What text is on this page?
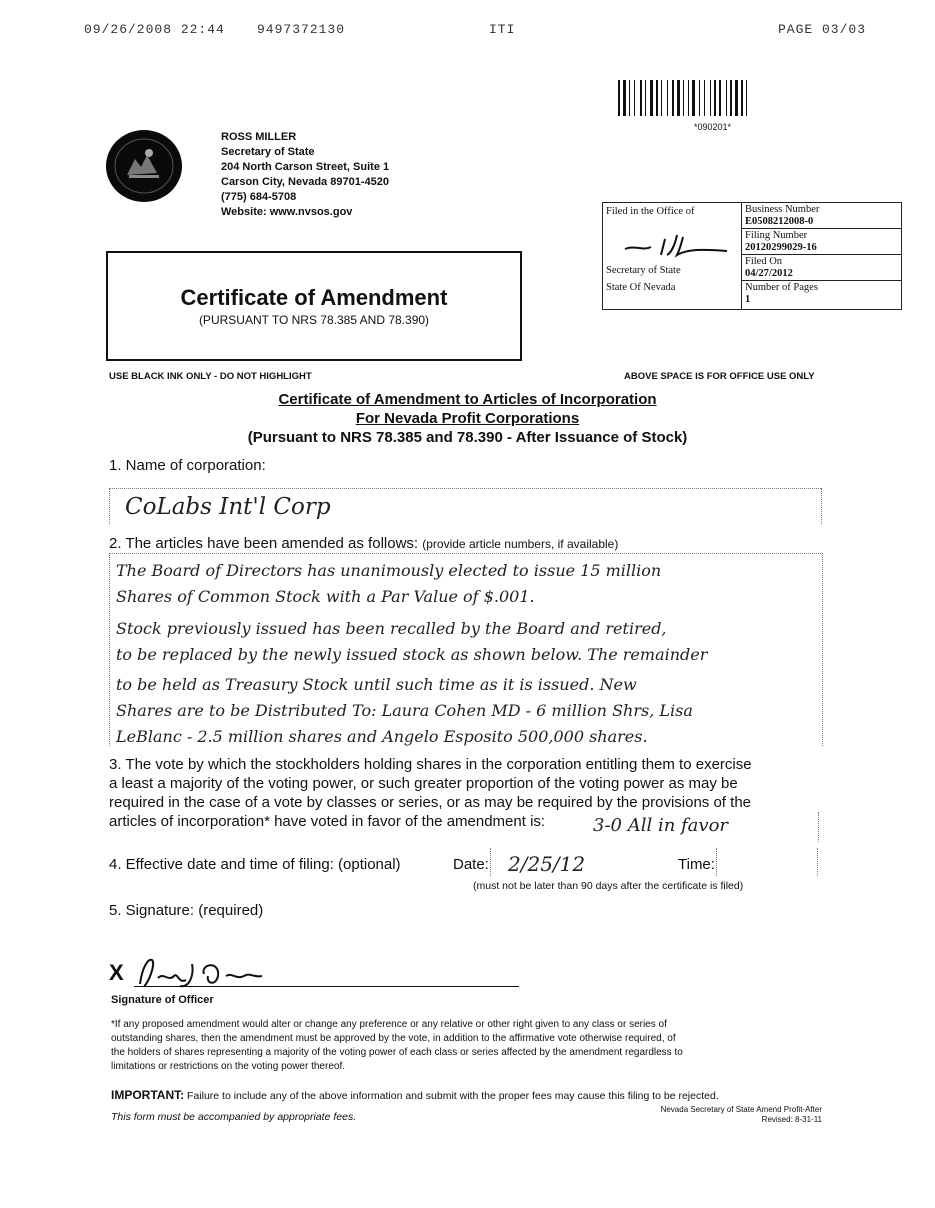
09/26/2008 22:44 9497372130	ITI	PAGE 03/03
*090201*
ROSS MILLER
Secretary of State
204 North Carson Street, Suite 1
Carson City, Nevada 89701-4520
(775) 684-5708
Website: www.nvsos.gov	Filed in the Office of
Secretary of State
State Of Nevada
Business Number
E0508212008-0
Filing Number
20120299029-16
Filed On
04/27/2012
Number of Pages
1
Certificate of Amendment
(PURSUANT TO NRS 78.385 AND 78.390)
USE BLACK INK ONLY - DO NOT HIGHLIGHT	ABOVE SPACE IS FOR OFFICE USE ONLY
Certificate of Amendment to Articles of Incorporation
For Nevada Profit Corporations
(Pursuant to NRS 78.385 and 78.390 - After Issuance of Stock)
1. Name of corporation:
CoLabs Int'l Corp
2. The articles have been amended as follows: (provide article numbers, if available)
The Board of Directors has unanimously elected to issue 15 million
Shares of Common Stock with a Par Value of $.001.
Stock previously issued has been recalled by the Board and retired,
to be replaced by the newly issued stock as shown below. The remainder
to be held as Treasury Stock until such time as it is issued. New
Shares are to be Distributed To: Laura Cohen MD - 6 million Shrs, Lisa
LeBlanc - 2.5 million shares and Angelo Esposito 500,000 shares.
3. The vote by which the stockholders holding shares in the corporation entitling them to exercise
a least a majority of the voting power, or such greater proportion of the voting power as may be
required in the case of a vote by classes or series, or as may be required by the provisions of the
articles of incorporation* have voted in favor of the amendment is:	3-0 All in favor
4. Effective date and time of filing: (optional)	Date: 2/25/12	Time:
(must not be later than 90 days after the certificate is filed)
5. Signature: (required)
X
Signature of Officer
*If any proposed amendment would alter or change any preference or any relative or other right given to any class or series of
outstanding shares, then the amendment must be approved by the vote, in addition to the affirmative vote otherwise required, of
the holders of shares representing a majority of the voting power of each class or series affected by the amendment regardless to
limitations or restrictions on the voting power thereof.
IMPORTANT: Failure to include any of the above information and submit with the proper fees may cause this filing to be rejected.
This form must be accompanied by appropriate fees.
Nevada Secretary of State Amend Profit-After
Revised: 8-31-11
